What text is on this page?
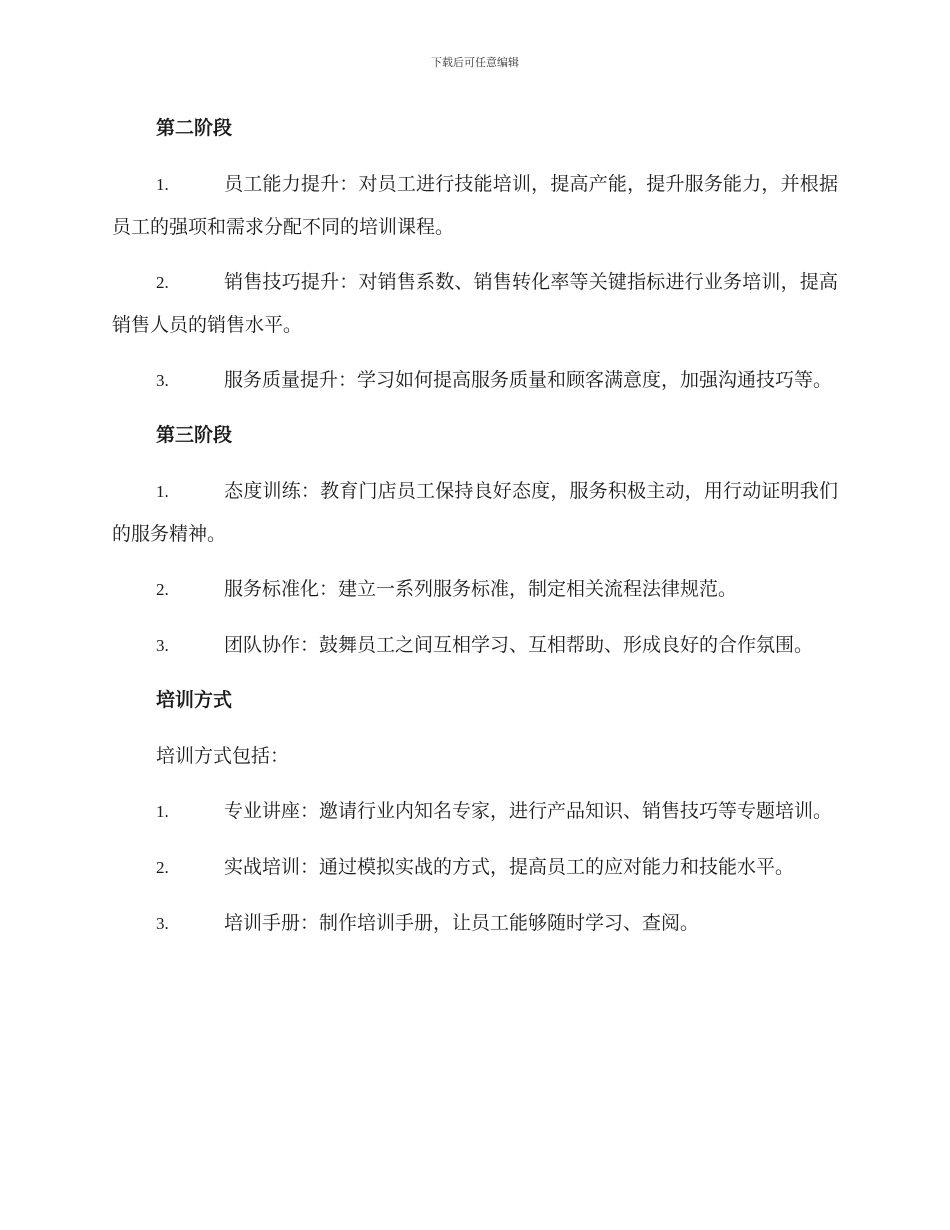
下载后可任意编辑
第二阶段

1.	员工能力提升：对员工进行技能培训，提高产能，提升服务能力，并根据员工的强项和需求分配不同的培训课程。

2.	销售技巧提升：对销售系数、销售转化率等关键指标进行业务培训，提高销售人员的销售水平。

3.	服务质量提升：学习如何提高服务质量和顾客满意度，加强沟通技巧等。

第三阶段

1.	态度训练：教育门店员工保持良好态度，服务积极主动，用行动证明我们的服务精神。

2.	服务标准化：建立一系列服务标准，制定相关流程法律规范。

3.	团队协作：鼓舞员工之间互相学习、互相帮助、形成良好的合作氛围。

培训方式

培训方式包括：

1.	专业讲座：邀请行业内知名专家，进行产品知识、销售技巧等专题培训。

2.	实战培训：通过模拟实战的方式，提高员工的应对能力和技能水平。

3.	培训手册：制作培训手册，让员工能够随时学习、查阅。
